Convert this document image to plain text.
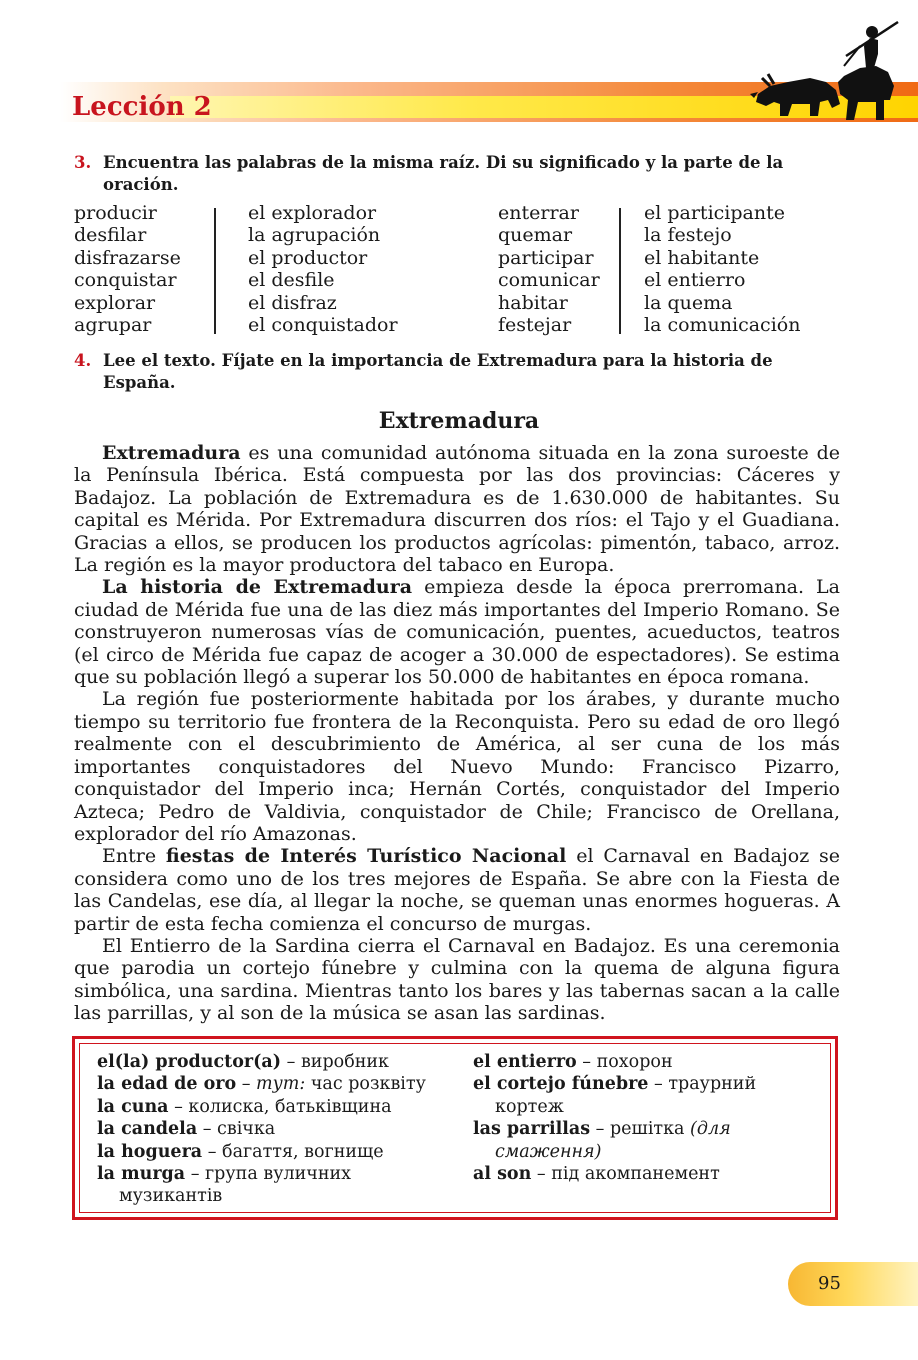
Lección 2
3. Encuentra las palabras de la misma raíz. Di su significado y la parte de la oración.
producir
desfilar
disfrazarse
conquistar
explorar
agrupar
el explorador
la agrupación
el productor
el desfile
el disfraz
el conquistador
enterrar
quemar
participar
comunicar
habitar
festejar
el participante
la festejo
el habitante
el entierro
la quema
la comunicación
4. Lee el texto. Fíjate en la importancia de Extremadura para la historia de España.
Extremadura

Extremadura es una comunidad autónoma situada en la zona suroeste de la Península Ibérica. Está compuesta por las dos provincias: Cáceres y Badajoz. La población de Extremadura es de 1.630.000 de habitantes. Su capital es Mérida. Por Extremadura discurren dos ríos: el Tajo y el Guadiana. Gracias a ellos, se producen los productos agrícolas: pimentón, tabaco, arroz. La región es la mayor productora del tabaco en Europa.

La historia de Extremadura empieza desde la época prerromana. La ciudad de Mérida fue una de las diez más importantes del Imperio Romano. Se construyeron numerosas vías de comunicación, puentes, acueductos, teatros (el circo de Mérida fue capaz de acoger a 30.000 de espectadores). Se estima que su población llegó a superar los 50.000 de habitantes en época romana.

La región fue posteriormente habitada por los árabes, y durante mucho tiempo su territorio fue frontera de la Reconquista. Pero su edad de oro llegó realmente con el descubrimiento de América, al ser cuna de los más importantes conquistadores del Nuevo Mundo: Francisco Pizarro, conquistador del Imperio inca; Hernán Cortés, conquistador del Imperio Azteca; Pedro de Valdivia, conquistador de Chile; Francisco de Orellana, explorador del río Amazonas.

Entre fiestas de Interés Turístico Nacional el Carnaval en Badajoz se considera como uno de los tres mejores de España. Se abre con la Fiesta de las Candelas, ese día, al llegar la noche, se queman unas enormes hogueras. A partir de esta fecha comienza el concurso de murgas.

El Entierro de la Sardina cierra el Carnaval en Badajoz. Es una ceremonia que parodia un cortejo fúnebre y culmina con la quema de alguna figura simbólica, una sardina. Mientras tanto los bares y las tabernas sacan a la calle las parrillas, y al son de la música se asan las sardinas.

el(la) productor(a) – виробник
la edad de oro – тут: час розквіту
la cuna – колиска, батьківщина
la candela – свічка
la hoguera – багаття, вогнище
la murga – група вуличних музикантів
el entierro – похорон
el cortejo fúnebre – траурний кортеж
las parrillas – решітка (для смаження)
al son – під акомпанемент
95
